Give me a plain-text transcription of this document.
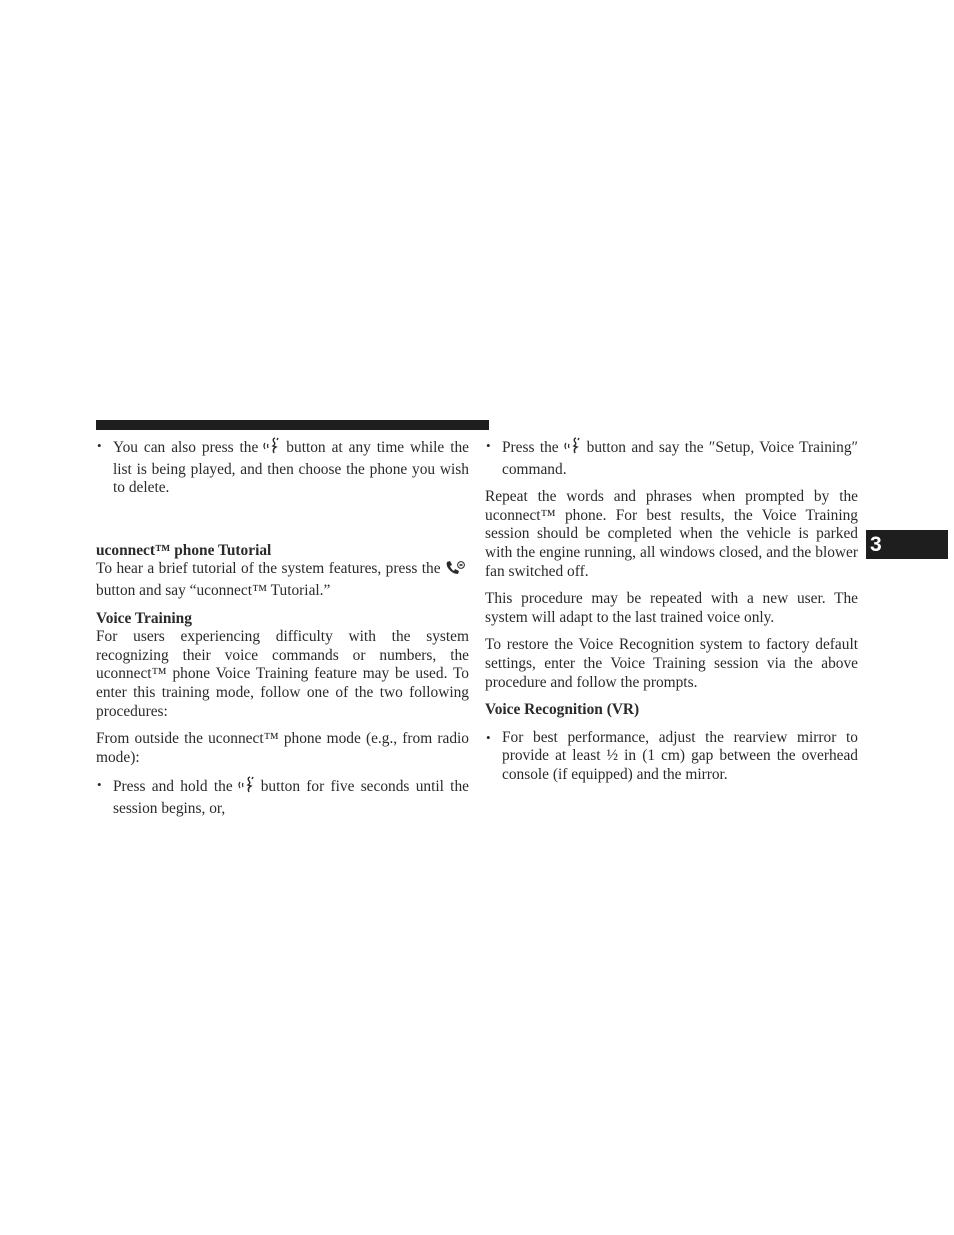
3
• You can also press the button at any time while the list is being played, and then choose the phone you wish to delete.

uconnect™ phone Tutorial

To hear a brief tutorial of the system features, press the button and say “uconnect™ Tutorial.”

Voice Training

For users experiencing difficulty with the system recognizing their voice commands or numbers, the uconnect™ phone Voice Training feature may be used. To enter this training mode, follow one of the two following procedures:

From outside the uconnect™ phone mode (e.g., from radio mode):

• Press and hold the button for five seconds until the session begins, or,
• Press the button and say the ″Setup, Voice Training″ command.

Repeat the words and phrases when prompted by the uconnect™ phone. For best results, the Voice Training session should be completed when the vehicle is parked with the engine running, all windows closed, and the blower fan switched off.

This procedure may be repeated with a new user. The system will adapt to the last trained voice only.

To restore the Voice Recognition system to factory default settings, enter the Voice Training session via the above procedure and follow the prompts.

Voice Recognition (VR)

• For best performance, adjust the rearview mirror to provide at least ½ in (1 cm) gap between the overhead console (if equipped) and the mirror.
